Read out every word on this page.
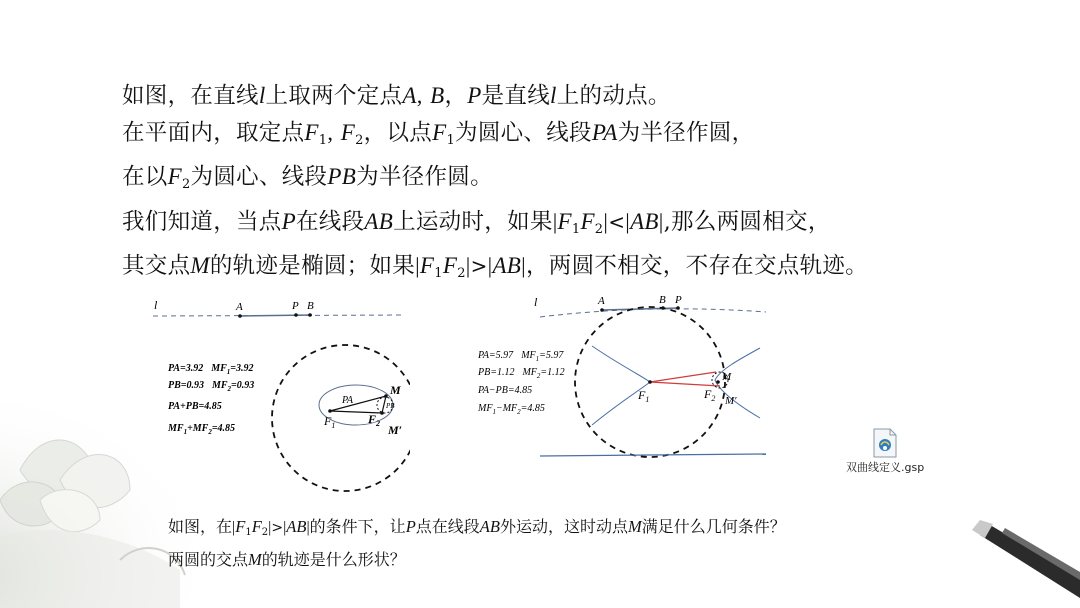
如图，在直线l上取两个定点A, B，P是直线l上的动点。
在平面内，取定点$F_1$, $F_2$，以点$F_1$为圆心、线段PA为半径作圆，
在以$F_2$为圆心、线段PB为半径作圆。
我们知道，当点P在线段AB上运动时，如果$|F_1F_2|<|AB|$,那么两圆相交，
其交点M的轨迹是椭圆；如果$|F_1F_2|>|AB|$，两圆不相交，不存在交点轨迹。
l	A	P B
PA=3.92 $MF_1=3.92$
PB=0.93 $MF_2=0.93$
PA+PB=4.85
$MF_1+MF_2=4.85$
PA	PB
M
M′
$F_1$	$F_2$
l	A	B P
PA=5.97 $MF_1=5.97$
PB=1.12 $MF_2=1.12$
PA−PB=4.85
$MF_1-MF_2=4.85$
$F_1$	$F_2$
M
M′
双曲线定义.gsp
如图，在$|F_1F_2|>|AB|$的条件下，让P点在线段AB外运动，这时动点M满足什么几何条件？
两圆的交点M的轨迹是什么形状？
